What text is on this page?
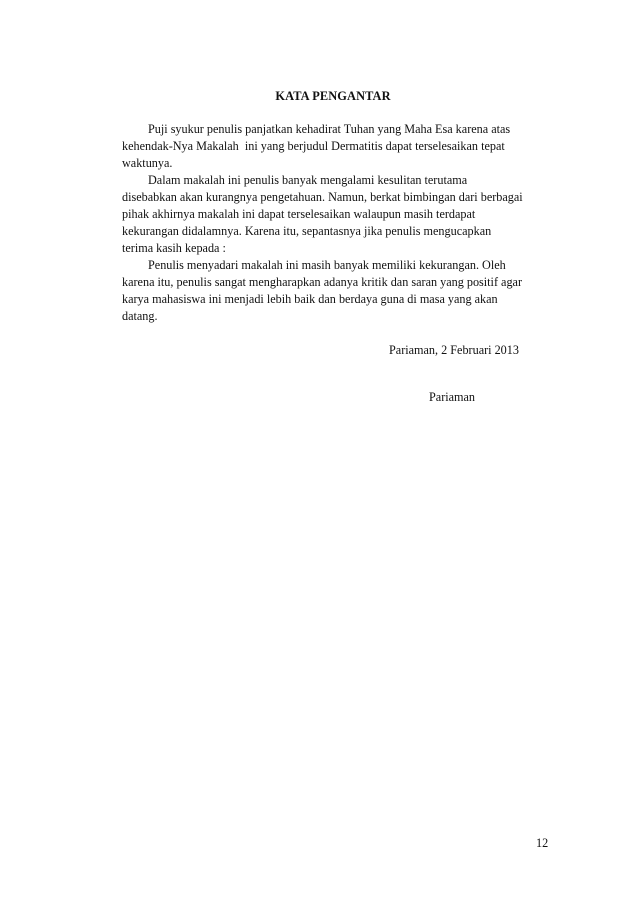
KATA PENGANTAR
Puji syukur penulis panjatkan kehadirat Tuhan yang Maha Esa karena atas
kehendak-Nya Makalah  ini yang berjudul Dermatitis dapat terselesaikan tepat
waktunya.
Dalam makalah ini penulis banyak mengalami kesulitan terutama
disebabkan akan kurangnya pengetahuan. Namun, berkat bimbingan dari berbagai
pihak akhirnya makalah ini dapat terselesaikan walaupun masih terdapat
kekurangan didalamnya. Karena itu, sepantasnya jika penulis mengucapkan
terima kasih kepada :
Penulis menyadari makalah ini masih banyak memiliki kekurangan. Oleh
karena itu, penulis sangat mengharapkan adanya kritik dan saran yang positif agar
karya mahasiswa ini menjadi lebih baik dan berdaya guna di masa yang akan
datang.
Pariaman, 2 Februari 2013
Pariaman
12
